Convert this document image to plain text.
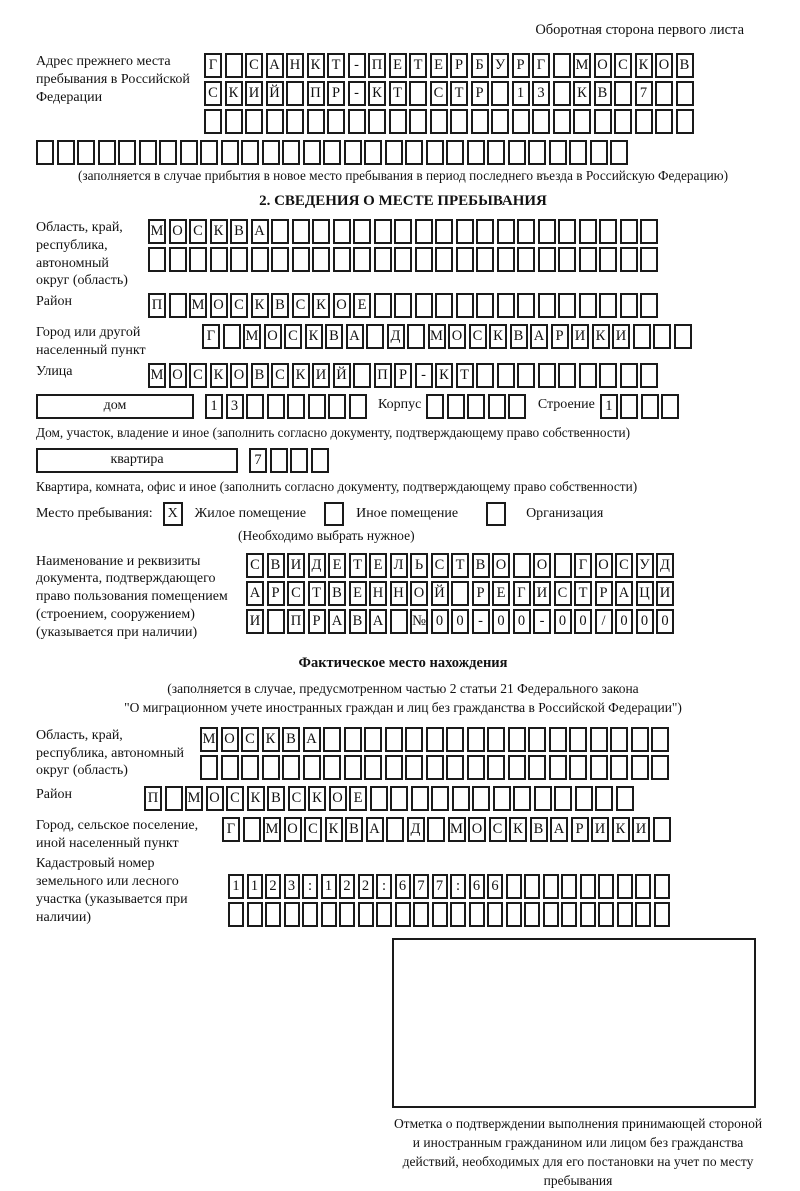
Оборотная сторона первого листа
Адрес прежнего места пребывания в Российской Федерации
Г	С А Н К Т - П Е Т Е Р Б У Р Г	М О С К О В
С К И Й П Р - К Т	С Т Р	1 3	К В	7
(заполняется в случае прибытия в новое место пребывания в период последнего въезда в Российскую Федерацию)
2. СВЕДЕНИЯ О МЕСТЕ ПРЕБЫВАНИЯ
Область, край, республика, автономный округ (область)
М О С К В А
Район	П М О С К В С К О Е
Город или другой населенный пункт
Г	М О С К В А Д М О С К В А Р И К И
Улица	М О С К О В С К И Й П Р - К Т
дом	1 3	Корпус	Строение 1
Дом, участок, владение и иное (заполнить согласно документу, подтверждающему право собственности)
квартира	7
Квартира, комната, офис и иное (заполнить согласно документу, подтверждающему право собственности)
Место пребывания:	X	Жилое помещение	Иное помещение	Организация
(Необходимо выбрать нужное)
Наименование и реквизиты документа, подтверждающего право пользования помещением (строением, сооружением) (указывается при наличии)
С В И Д Е Т Е Л Ь С Т В О О	Г О С У Д
А Р С Т В Е Н Н О Й	Р Е Г И С Т Р А Ц И
И П Р А В А № 0 0 - 0 0 - 0 0	/	0 0 0
Фактическое место нахождения
(заполняется в случае, предусмотренном частью 2 статьи 21 Федерального закона
"О миграционном учете иностранных граждан и лиц без гражданства в Российской Федерации")
Область, край, республика, автономный округ (область)
М О С К В А
Район	П М О С К В С К О Е
Город, сельское поселение, иной населенный пункт
Г	М О С К В А Д М О С К В А Р И К И
Кадастровый номер земельного или лесного участка (указывается при наличии)
1 1 2 3 : 1 2 2 : 6 7 7 : 6 6
Отметка о подтверждении выполнения принимающей стороной и иностранным гражданином или лицом без гражданства действий, необходимых для его постановки на учет по месту пребывания
